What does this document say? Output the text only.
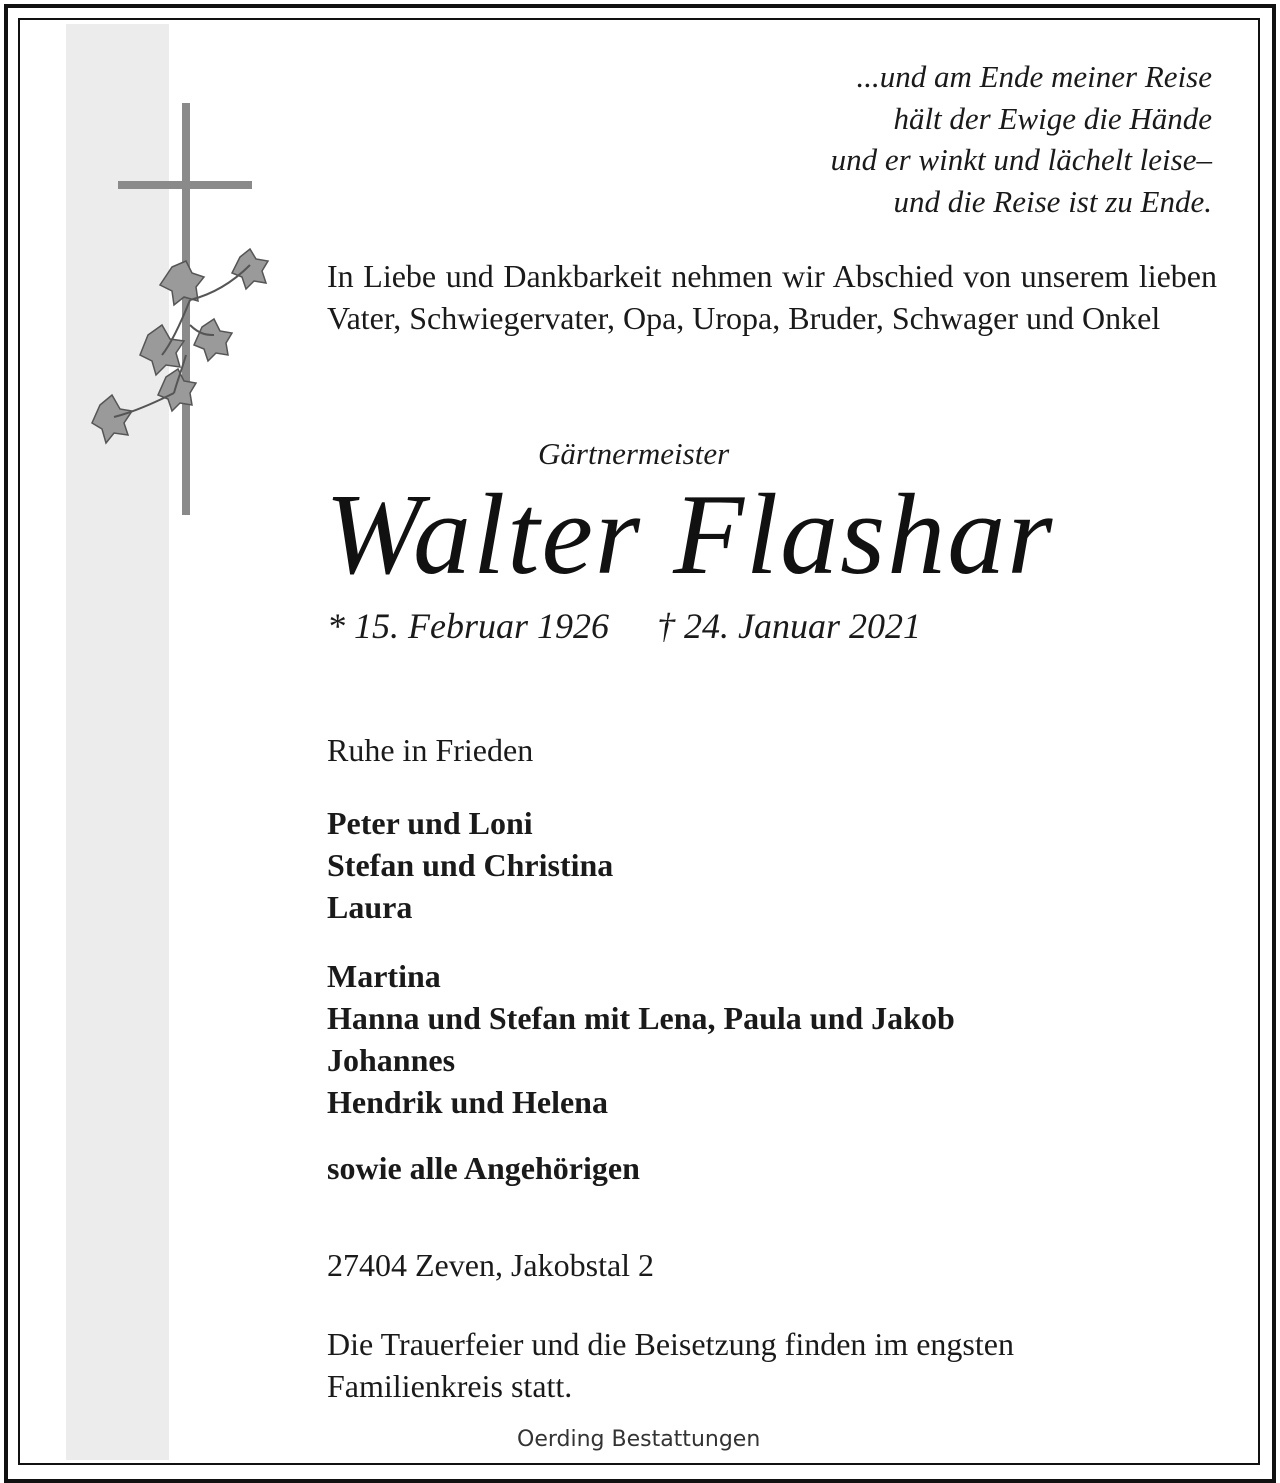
...und am Ende meiner Reise
hält der Ewige die Hände
und er winkt und lächelt leise–
und die Reise ist zu Ende.
In Liebe und Dankbarkeit nehmen wir Abschied von unserem lieben Vater, Schwiegervater, Opa, Uropa, Bruder, Schwager und Onkel
Gärtnermeister
Walter Flashar
* 15. Februar 1926 † 24. Januar 2021
Ruhe in Frieden
Peter und Loni
Stefan und Christina
Laura
Martina
Hanna und Stefan mit Lena, Paula und Jakob
Johannes
Hendrik und Helena
sowie alle Angehörigen
27404 Zeven, Jakobstal 2
Die Trauerfeier und die Beisetzung finden im engsten Familienkreis statt.
Oerding Bestattungen
